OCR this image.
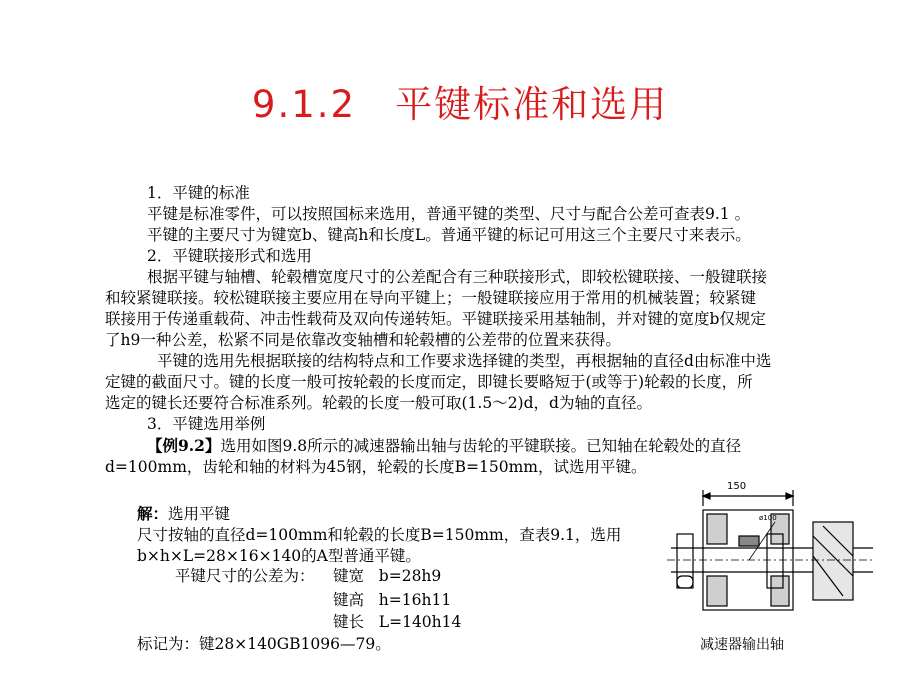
9.1.2　平键标准和选用
1．平键的标准
平键是标准零件，可以按照国标来选用，普通平键的类型、尺寸与配合公差可查表9.1 。
平键的主要尺寸为键宽b、键高h和长度L。普通平键的标记可用这三个主要尺寸来表示。
2．平键联接形式和选用
根据平键与轴槽、轮毂槽宽度尺寸的公差配合有三种联接形式，即较松键联接、一般键联接
和较紧键联接。较松键联接主要应用在导向平键上；一般键联接应用于常用的机械装置；较紧键
联接用于传递重载荷、冲击性载荷及双向传递转矩。平键联接采用基轴制，并对键的宽度b仅规定
了h9一种公差，松紧不同是依靠改变轴槽和轮毂槽的公差带的位置来获得。
平键的选用先根据联接的结构特点和工作要求选择键的类型，再根据轴的直径d由标准中选
定键的截面尺寸。键的长度一般可按轮毂的长度而定，即键长要略短于(或等于)轮毂的长度，所
选定的键长还要符合标准系列。轮毂的长度一般可取(1.5～2)d，d为轴的直径。
3．平键选用举例
【例9.2】选用如图9.8所示的减速器输出轴与齿轮的平键联接。已知轴在轮毂处的直径
d=100mm，齿轮和轴的材料为45钢，轮毂的长度B=150mm，试选用平键。
解：选用平键
尺寸按轴的直径d=100mm和轮毂的长度B=150mm，查表9.1，选用
b×h×L=28×16×140的A型普通平键。
平键尺寸的公差为： 键宽 b=28h9
键高 h=16h11
键长 L=140h14
标记为：键28×140GB1096—79。
150
ø100
减速器输出轴
